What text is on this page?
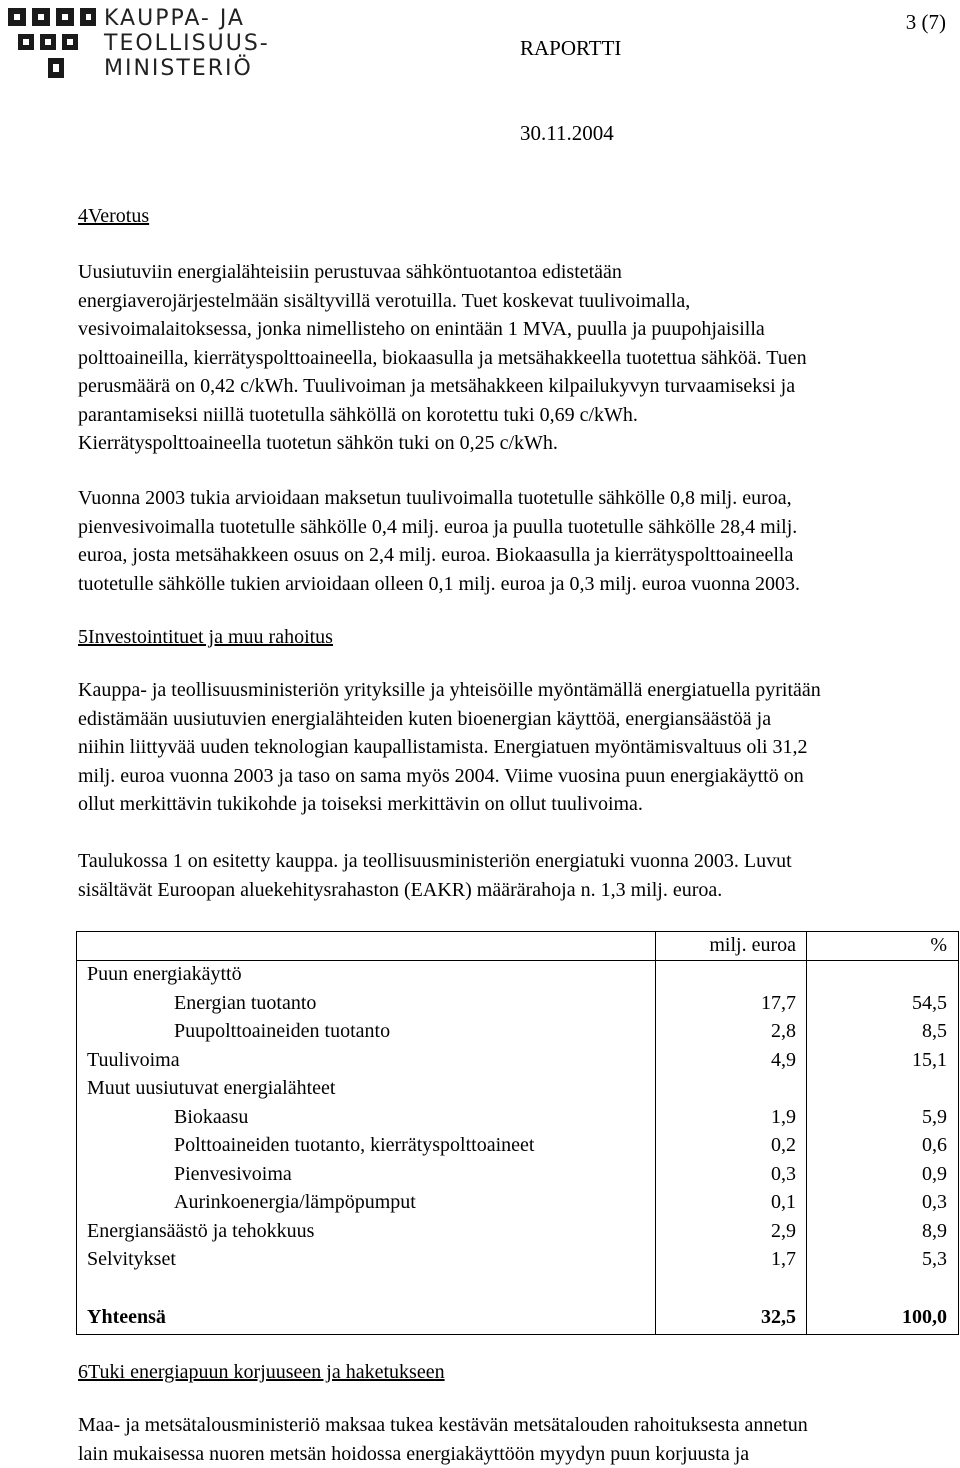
KAUPPA- JA
TEOLLISUUS-
MINISTERIÖ
3 (7)
RAPORTTI
30.11.2004
4Verotus
Uusiutuviin energialähteisiin perustuvaa sähköntuotantoa edistetään
energiaverojärjestelmään sisältyvillä verotuilla. Tuet koskevat tuulivoimalla,
vesivoimalaitoksessa, jonka nimellisteho on enintään 1 MVA, puulla ja puupohjaisilla
polttoaineilla, kierrätyspolttoaineella, biokaasulla ja metsähakkeella tuotettua sähköä. Tuen
perusmäärä on 0,42 c/kWh. Tuulivoiman ja metsähakkeen kilpailukyvyn turvaamiseksi ja
parantamiseksi niillä tuotetulla sähköllä on korotettu tuki 0,69 c/kWh.
Kierrätyspolttoaineella tuotetun sähkön tuki on 0,25 c/kWh.
Vuonna 2003 tukia arvioidaan maksetun tuulivoimalla tuotetulle sähkölle 0,8 milj. euroa,
pienvesivoimalla tuotetulle sähkölle 0,4 milj. euroa ja puulla tuotetulle sähkölle 28,4 milj.
euroa, josta metsähakkeen osuus on 2,4 milj. euroa. Biokaasulla ja kierrätyspolttoaineella
tuotetulle sähkölle tukien arvioidaan olleen 0,1 milj. euroa ja 0,3 milj. euroa vuonna 2003.
5Investointituet ja muu rahoitus
Kauppa- ja teollisuusministeriön yrityksille ja yhteisöille myöntämällä energiatuella pyritään
edistämään uusiutuvien energialähteiden kuten bioenergian käyttöä, energiansäästöä ja
niihin liittyvää uuden teknologian kaupallistamista. Energiatuen myöntämisvaltuus oli 31,2
milj. euroa vuonna 2003 ja taso on sama myös 2004. Viime vuosina puun energiakäyttö on
ollut merkittävin tukikohde ja toiseksi merkittävin on ollut tuulivoima.
Taulukossa 1 on esitetty kauppa. ja teollisuusministeriön energiatuki vuonna 2003. Luvut
sisältävät Euroopan aluekehitysrahaston (EAKR) määrärahoja n. 1,3 milj. euroa.
milj. euroa	%
Puun energiakäyttö
Energian tuotanto	17,7	54,5
Puupolttoaineiden tuotanto	2,8	8,5
Tuulivoima	4,9	15,1
Muut uusiutuvat energialähteet
Biokaasu	1,9	5,9
Polttoaineiden tuotanto, kierrätyspolttoaineet	0,2	0,6
Pienvesivoima	0,3	0,9
Aurinkoenergia/lämpöpumput	0,1	0,3
Energiansäästö ja tehokkuus	2,9	8,9
Selvitykset	1,7	5,3
Yhteensä	32,5	100,0
6Tuki energiapuun korjuuseen ja haketukseen
Maa- ja metsätalousministeriö maksaa tukea kestävän metsätalouden rahoituksesta annetun
lain mukaisessa nuoren metsän hoidossa energiakäyttöön myydyn puun korjuusta ja
